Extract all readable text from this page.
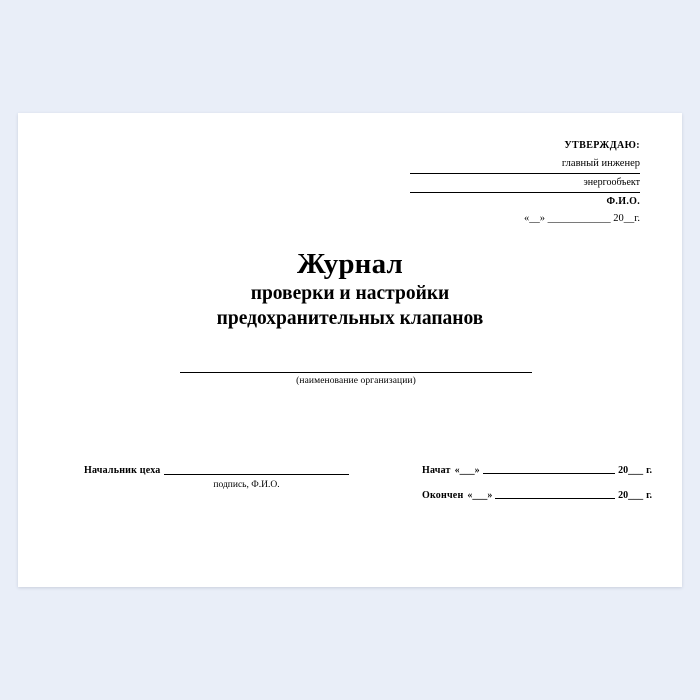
УТВЕРЖДАЮ:
главный инженер
энергообъект
Ф.И.О.
«__» ____________ 20__г.
Журнал
проверки и настройки
предохранительных клапанов
(наименование организации)
Начальник цеха
подпись, Ф.И.О.
Начат «___»	20___ г.
Окончен «___»	20___ г.
